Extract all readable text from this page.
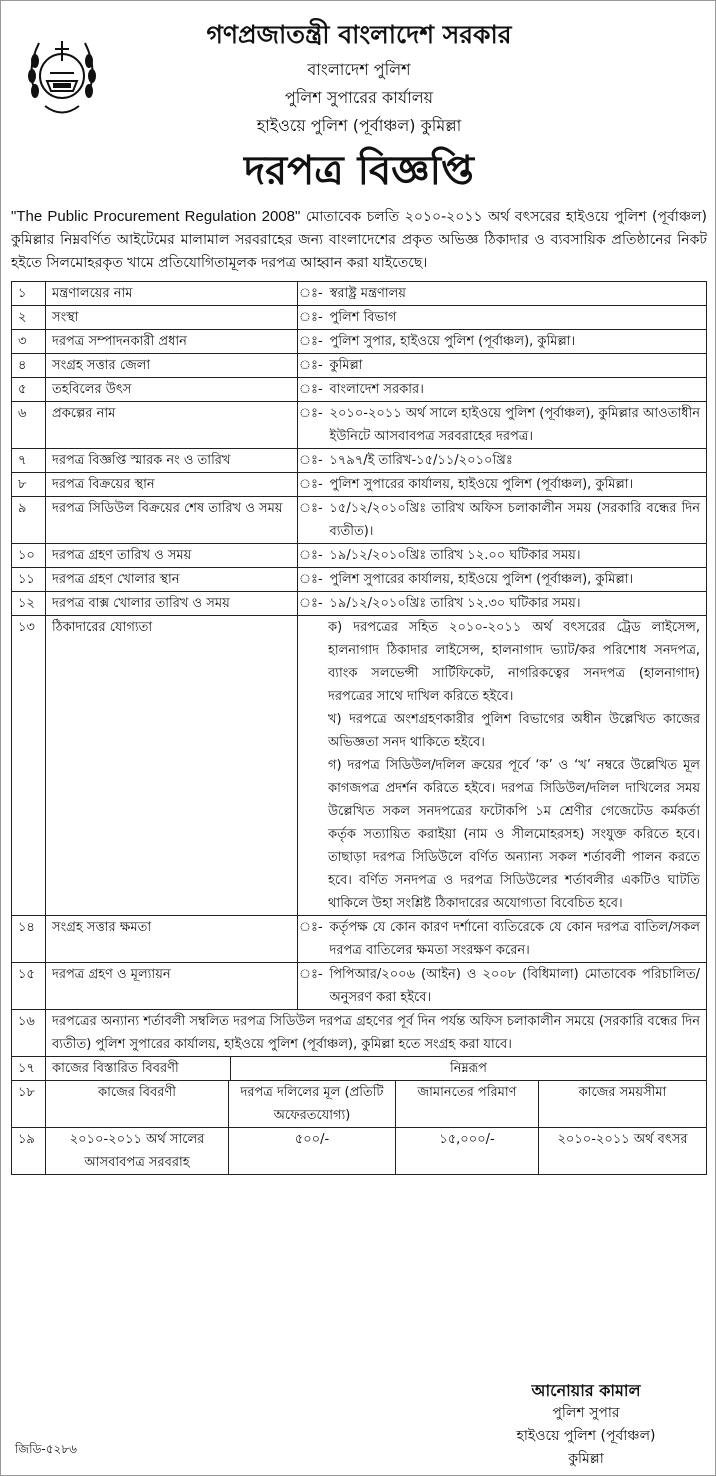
গণপ্রজাতন্ত্রী বাংলাদেশ সরকার
বাংলাদেশ পুলিশ
পুলিশ সুপারের কার্যালয়
হাইওয়ে পুলিশ (পূর্বাঞ্চল) কুমিল্লা
দরপত্র বিজ্ঞপ্তি
"The Public Procurement Regulation 2008" মোতাবেক চলতি ২০১০-২০১১ অর্থ বৎসরের হাইওয়ে পুলিশ (পূর্বাঞ্চল) কুমিল্লার নিম্নবর্ণিত আইটেমের মালামাল সরবরাহের জন্য বাংলাদেশের প্রকৃত অভিজ্ঞ ঠিকাদার ও ব্যবসায়িক প্রতিষ্ঠানের নিকট হইতে সিলমোহরকৃত খামে প্রতিযোগিতামূলক দরপত্র আহ্বান করা যাইতেছে।
১	মন্ত্রণালয়ের নাম	ঃ-	স্বরাষ্ট্র মন্ত্রণালয়
২	সংস্থা	ঃ-	পুলিশ বিভাগ
৩	দরপত্র সম্পাদনকারী প্রধান	ঃ-	পুলিশ সুপার, হাইওয়ে পুলিশ (পূর্বাঞ্চল), কুমিল্লা।
৪	সংগ্রহ সত্তার জেলা	ঃ-	কুমিল্লা
৫	তহবিলের উৎস	ঃ-	বাংলাদেশ সরকার।
৬	প্রকল্পের নাম	ঃ-	২০১০-২০১১ অর্থ সালে হাইওয়ে পুলিশ (পূর্বাঞ্চল), কুমিল্লার আওতাধীন ইউনিটে আসবাবপত্র সরবরাহের দরপত্র।
৭	দরপত্র বিজ্ঞপ্তি স্মারক নং ও তারিখ	ঃ-	১৭৯৭/ই তারিখ-১৫/১১/২০১০খ্রিঃ
৮	দরপত্র বিক্রয়ের স্থান	ঃ-	পুলিশ সুপারের কার্যালয়, হাইওয়ে পুলিশ (পূর্বাঞ্চল), কুমিল্লা।
৯	দরপত্র সিডিউল বিক্রয়ের শেষ তারিখ ও সময়	ঃ-	১৫/১২/২০১০খ্রিঃ তারিখ অফিস চলাকালীন সময় (সরকারি বন্ধের দিন ব্যতীত)।
১০	দরপত্র গ্রহণ তারিখ ও সময়	ঃ-	১৯/১২/২০১০খ্রিঃ তারিখ ১২.০০ ঘটিকার সময়।
১১	দরপত্র গ্রহণ খোলার স্থান	ঃ-	পুলিশ সুপারের কার্যালয়, হাইওয়ে পুলিশ (পূর্বাঞ্চল), কুমিল্লা।
১২	দরপত্র বাক্স খোলার তারিখ ও সময়	ঃ-	১৯/১২/২০১০খ্রিঃ তারিখ ১২.৩০ ঘটিকার সময়।
১৩	ঠিকাদারের যোগ্যতা	ক) দরপত্রের সহিত ২০১০-২০১১ অর্থ বৎসরের ট্রেড লাইসেন্স, হালনাগাদ ঠিকাদার লাইসেন্স, হালনাগাদ ভ্যাট/কর পরিশোধ সনদপত্র, ব্যাংক সলভেন্সী সার্টিফিকেট, নাগরিকত্বের সনদপত্র (হালনাগাদ) দরপত্রের সাথে দাখিল করিতে হইবে।

খ) দরপত্রে অংশগ্রহণকারীর পুলিশ বিভাগের অধীন উল্লেখিত কাজের অভিজ্ঞতা সনদ থাকিতে হইবে।

গ) দরপত্র সিডিউল/দলিল ক্রয়ের পূর্বে ‘ক’ ও ‘খ’ নম্বরে উল্লেখিত মূল কাগজপত্র প্রদর্শন করিতে হইবে। দরপত্র সিডিউল/দলিল দাখিলের সময় উল্লেখিত সকল সনদপত্রের ফটোকপি ১ম শ্রেণীর গেজেটেড কর্মকর্তা কর্তৃক সত্যায়িত করাইয়া (নাম ও সীলমোহরসহ) সংযুক্ত করিতে হবে। তাছাড়া দরপত্র সিডিউলে বর্ণিত অন্যান্য সকল শর্তাবলী পালন করতে হবে। বর্ণিত সনদপত্র ও দরপত্র সিডিউলের শর্তাবলীর একটিও ঘাটতি থাকিলে উহা সংশ্লিষ্ট ঠিকাদারের অযোগ্যতা বিবেচিত হবে।

১৪	সংগ্রহ সত্তার ক্ষমতা	ঃ-	কর্তৃপক্ষ যে কোন কারণ দর্শানো ব্যতিরেকে যে কোন দরপত্র বাতিল/সকল দরপত্র বাতিলের ক্ষমতা সংরক্ষণ করেন।
১৫	দরপত্র গ্রহণ ও মূল্যায়ন	ঃ-	পিপিআর/২০০৬ (আইন) ও ২০০৮ (বিধিমালা) মোতাবেক পরিচালিত/অনুসরণ করা হইবে।
১৬	দরপত্রের অন্যান্য শর্তাবলী সম্বলিত দরপত্র সিডিউল দরপত্র গ্রহণের পূর্ব দিন পর্যন্ত অফিস চলাকালীন সময়ে (সরকারি বন্ধের দিন ব্যতীত) পুলিশ সুপারের কার্যালয়, হাইওয়ে পুলিশ (পূর্বাঞ্চল), কুমিল্লা হতে সংগ্রহ করা যাবে।
১৭	কাজের বিস্তারিত বিবরণী	নিম্নরূপ

১৮		কাজের বিবরণী	দরপত্র দলিলের মূল (প্রতিটি অফেরতযোগ্য)	জামানতের পরিমাণ	কাজের সময়সীমা

১৯		২০১০-২০১১ অর্থ সালের আসবাবপত্র সরবরাহ	৫০০/-	১৫,০০০/-	২০১০-২০১১ অর্থ বৎসর
আনোয়ার কামাল
পুলিশ সুপার
হাইওয়ে পুলিশ (পূর্বাঞ্চল)
কুমিল্লা
জিডি-৫২৮৬
